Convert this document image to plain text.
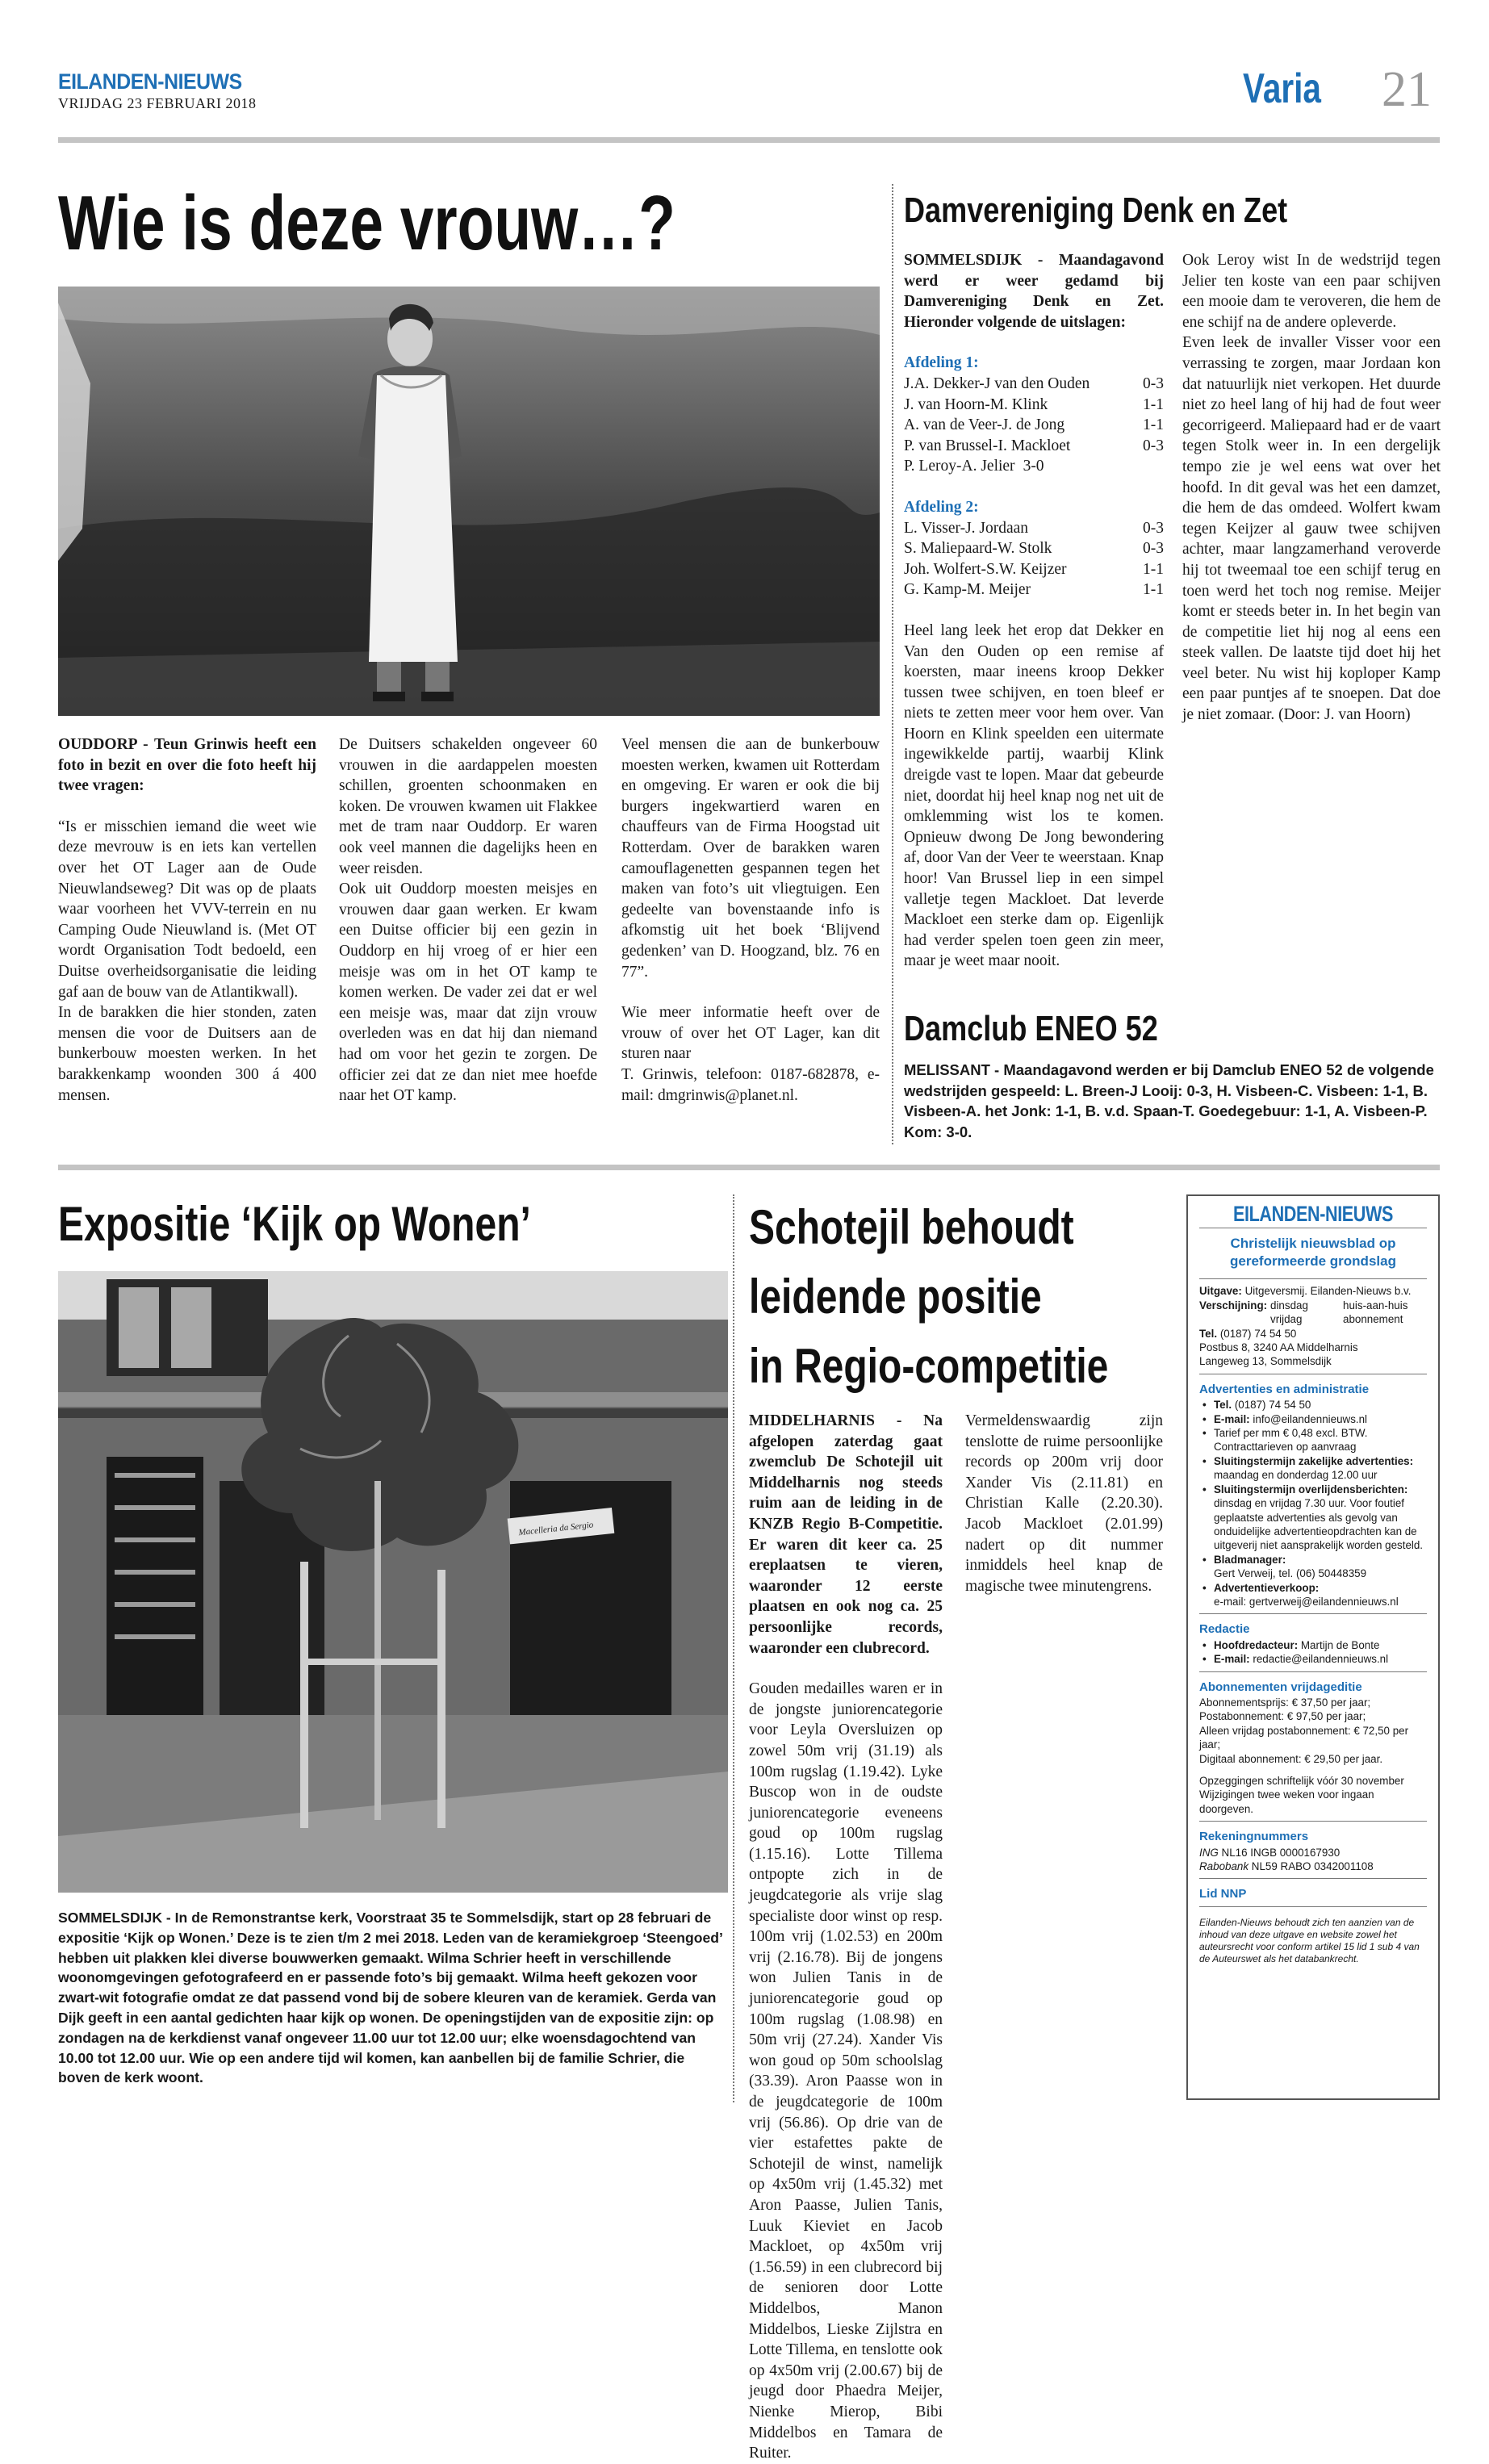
EILANDEN-NIEUWS
VRIJDAG 23 FEBRUARI 2018	Varia 21
Wie is deze vrouw…?

OUDDORP - Teun Grinwis heeft een foto in bezit en over die foto heeft hij twee vragen:

“Is er misschien iemand die weet wie deze mevrouw is en iets kan vertellen over het OT Lager aan de Oude Nieuwlandseweg? Dit was op de plaats waar voorheen het VVV-terrein en nu Camping Oude Nieuwland is. (Met OT wordt Organisation Todt bedoeld, een Duitse overheidsorganisatie die leiding gaf aan de bouw van de Atlantikwall).

In de barakken die hier stonden, zaten mensen die voor de Duitsers aan de bunkerbouw moesten werken. In het barakkenkamp woonden 300 á 400 mensen.

De Duitsers schakelden ongeveer 60 vrouwen in die aardappelen moesten schillen, groenten schoonmaken en koken. De vrouwen kwamen uit Flakkee met de tram naar Ouddorp. Er waren ook veel mannen die dagelijks heen en weer reisden.

Ook uit Ouddorp moesten meisjes en vrouwen daar gaan werken. Er kwam een Duitse officier bij een gezin in Ouddorp en hij vroeg of er hier een meisje was om in het OT kamp te komen werken. De vader zei dat er wel een meisje was, maar dat zijn vrouw overleden was en dat hij dan niemand had om voor het gezin te zorgen. De officier zei dat ze dan niet mee hoefde naar het OT kamp.

Veel mensen die aan de bunkerbouw moesten werken, kwamen uit Rotterdam en omgeving. Er waren er ook die bij burgers ingekwartierd waren en chauffeurs van de Firma Hoogstad uit Rotterdam. Over de barakken waren camouflagenetten gespannen tegen het maken van foto’s uit vliegtuigen. Een gedeelte van bovenstaande info is afkomstig uit het boek ‘Blijvend gedenken’ van D. Hoogzand, blz. 76 en 77”.

Wie meer informatie heeft over de vrouw of over het OT Lager, kan dit sturen naar

T. Grinwis, telefoon: 0187-682878, e-mail: dmgrinwis@planet.nl.

Damvereniging Denk en Zet

SOMMELSDIJK - Maandagavond werd er weer gedamd bij Damvereniging Denk en Zet. Hieronder volgende de uitslagen:

Afdeling 1:

J.A. Dekker-J van den Ouden	0-3
J. van Hoorn-M. Klink	1-1
A. van de Veer-J. de Jong	1-1
P. van Brussel-I. Mackloet	0-3
P. Leroy-A. Jelier 3-0

Afdeling 2:

L. Visser-J. Jordaan	0-3
S. Maliepaard-W. Stolk	0-3
Joh. Wolfert-S.W. Keijzer	1-1
G. Kamp-M. Meijer	1-1

Heel lang leek het erop dat Dekker en Van den Ouden op een remise af koersten, maar ineens kroop Dekker tussen twee schijven, en toen bleef er niets te zetten meer voor hem over. Van Hoorn en Klink speelden een uitermate ingewikkelde partij, waarbij Klink dreigde vast te lopen. Maar dat gebeurde niet, doordat hij heel knap nog net uit de omklemming wist los te komen. Opnieuw dwong De Jong bewondering af, door Van der Veer te weerstaan. Knap hoor! Van Brussel liep in een simpel valletje tegen Mackloet. Dat leverde Mackloet een sterke dam op. Eigenlijk had verder spelen toen geen zin meer, maar je weet maar nooit.

Ook Leroy wist In de wedstrijd tegen Jelier ten koste van een paar schijven een mooie dam te veroveren, die hem de ene schijf na de andere opleverde.

Even leek de invaller Visser voor een verrassing te zorgen, maar Jordaan kon dat natuurlijk niet verkopen. Het duurde niet zo heel lang of hij had de fout weer gecorrigeerd. Maliepaard had er de vaart tegen Stolk weer in. In een dergelijk tempo zie je wel eens wat over het hoofd. In dit geval was het een damzet, die hem de das omdeed. Wolfert kwam tegen Keijzer al gauw twee schijven achter, maar langzamerhand veroverde hij tot tweemaal toe een schijf terug en toen werd het toch nog remise. Meijer komt er steeds beter in. In het begin van de competitie liet hij nog al eens een steek vallen. De laatste tijd doet hij het veel beter. Nu wist hij koploper Kamp een paar puntjes af te snoepen. Dat doe je niet zomaar. (Door: J. van Hoorn)

Damclub ENEO 52
MELISSANT - Maandagavond werden er bij Damclub ENEO 52 de volgende wedstrijden gespeeld: L. Breen-J Looij: 0-3, H. Visbeen-C. Visbeen: 1-1, B. Visbeen-A. het Jonk: 1-1, B. v.d. Spaan-T. Goedegebuur: 1-1, A. Visbeen-P. Kom: 3-0.
Expositie ‘Kijk op Wonen’
Macelleria da Sergio
SOMMELSDIJK - In de Remonstrantse kerk, Voorstraat 35 te Sommelsdijk, start op 28 februari de expositie ‘Kijk op Wonen.’ Deze is te zien t/m 2 mei 2018. Leden van de keramiekgroep ‘Steengoed’ hebben uit plakken klei diverse bouwwerken gemaakt. Wilma Schrier heeft in verschillende woonomgevingen gefotografeerd en er passende foto’s bij gemaakt. Wilma heeft gekozen voor zwart-wit fotografie omdat ze dat passend vond bij de sobere kleuren van de keramiek. Gerda van Dijk geeft in een aantal gedichten haar kijk op wonen. De openingstijden van de expositie zijn: op zondagen na de kerkdienst vanaf ongeveer 11.00 uur tot 12.00 uur; elke woensdagochtend van 10.00 tot 12.00 uur. Wie op een andere tijd wil komen, kan aanbellen bij de familie Schrier, die boven de kerk woont.
Schotejil behoudt
leidende positie
in Regio-competitie

MIDDELHARNIS - Na afgelopen zaterdag gaat zwemclub De Schotejil uit Middelharnis nog steeds ruim aan de leiding in de KNZB Regio B-Competitie. Er waren dit keer ca. 25 ereplaatsen te vieren, waaronder 12 eerste plaatsen en ook nog ca. 25 persoonlijke records, waaronder een clubrecord.

Gouden medailles waren er in de jongste juniorencategorie voor Leyla Oversluizen op zowel 50m vrij (31.19) als 100m rugslag (1.19.42). Lyke Buscop won in de oudste juniorencategorie eveneens goud op 100m rugslag (1.15.16). Lotte Tillema ontpopte zich in de jeugdcategorie als vrije slag specialiste door winst op resp. 100m vrij (1.02.53) en 200m vrij (2.16.78). Bij de jongens won Julien Tanis in de juniorencategorie goud op 100m rugslag (1.08.98) en 50m vrij (27.24). Xander Vis won goud op 50m schoolslag (33.39). Aron Paasse won in de jeugdcategorie de 100m vrij (56.86). Op drie van de vier estafettes pakte de Schotejil de winst, namelijk op 4x50m vrij (1.45.32) met Aron Paasse, Julien Tanis, Luuk Kieviet en Jacob Mackloet, op 4x50m vrij (1.56.59) in een clubrecord bij de senioren door Lotte Middelbos, Manon Middelbos, Lieske Zijlstra en Lotte Tillema, en tenslotte ook op 4x50m vrij (2.00.67) bij de jeugd door Phaedra Meijer, Nienke Mierop, Bibi Middelbos en Tamara de Ruiter.

Vermeldenswaardig zijn tenslotte de ruime persoonlijke records op 200m vrij door Xander Vis (2.11.81) en Christian Kalle (2.20.30). Jacob Mackloet (2.01.99) nadert op dit nummer inmiddels heel knap de magische twee minutengrens.

EILANDEN-NIEUWS
Christelijk nieuwsblad op gereformeerde grondslag
Uitgave: Uitgeversmij. Eilanden-Nieuws b.v.
Verschijning: dinsdag	huis-aan-huis
vrijdag	abonnement
Tel. (0187) 74 54 50
Postbus 8, 3240 AA Middelharnis
Langeweg 13, Sommelsdijk
Advertenties en administratie
• Tel. (0187) 74 54 50
• E-mail: info@eilandennieuws.nl
• Tarief per mm € 0,48 excl. BTW.
Contracttarieven op aanvraag
• Sluitingstermijn zakelijke advertenties:
maandag en donderdag 12.00 uur
• Sluitingstermijn overlijdensberichten:
dinsdag en vrijdag 7.30 uur. Voor foutief geplaatste advertenties als gevolg van onduidelijke advertentieopdrachten kan de uitgeverij niet aansprakelijk worden gesteld.
• Bladmanager:
Gert Verweij, tel. (06) 50448359
• Advertentieverkoop:
e-mail: gertverweij@eilandennieuws.nl
Redactie
• Hoofdredacteur: Martijn de Bonte
• E-mail: redactie@eilandennieuws.nl
Abonnementen vrijdageditie
Abonnementsprijs: € 37,50 per jaar;
Postabonnement: € 97,50 per jaar;
Alleen vrijdag postabonnement: € 72,50 per jaar;
Digitaal abonnement: € 29,50 per jaar.
Opzeggingen schriftelijk vóór 30 november Wijzigingen twee weken voor ingaan doorgeven.
Rekeningnummers
ING NL16 INGB 0000167930
Rabobank NL59 RABO 0342001108
Lid NNP
Eilanden-Nieuws behoudt zich ten aanzien van de inhoud van deze uitgave en website zowel het auteursrecht voor conform artikel 15 lid 1 sub 4 van de Auteurswet als het databankrecht.
